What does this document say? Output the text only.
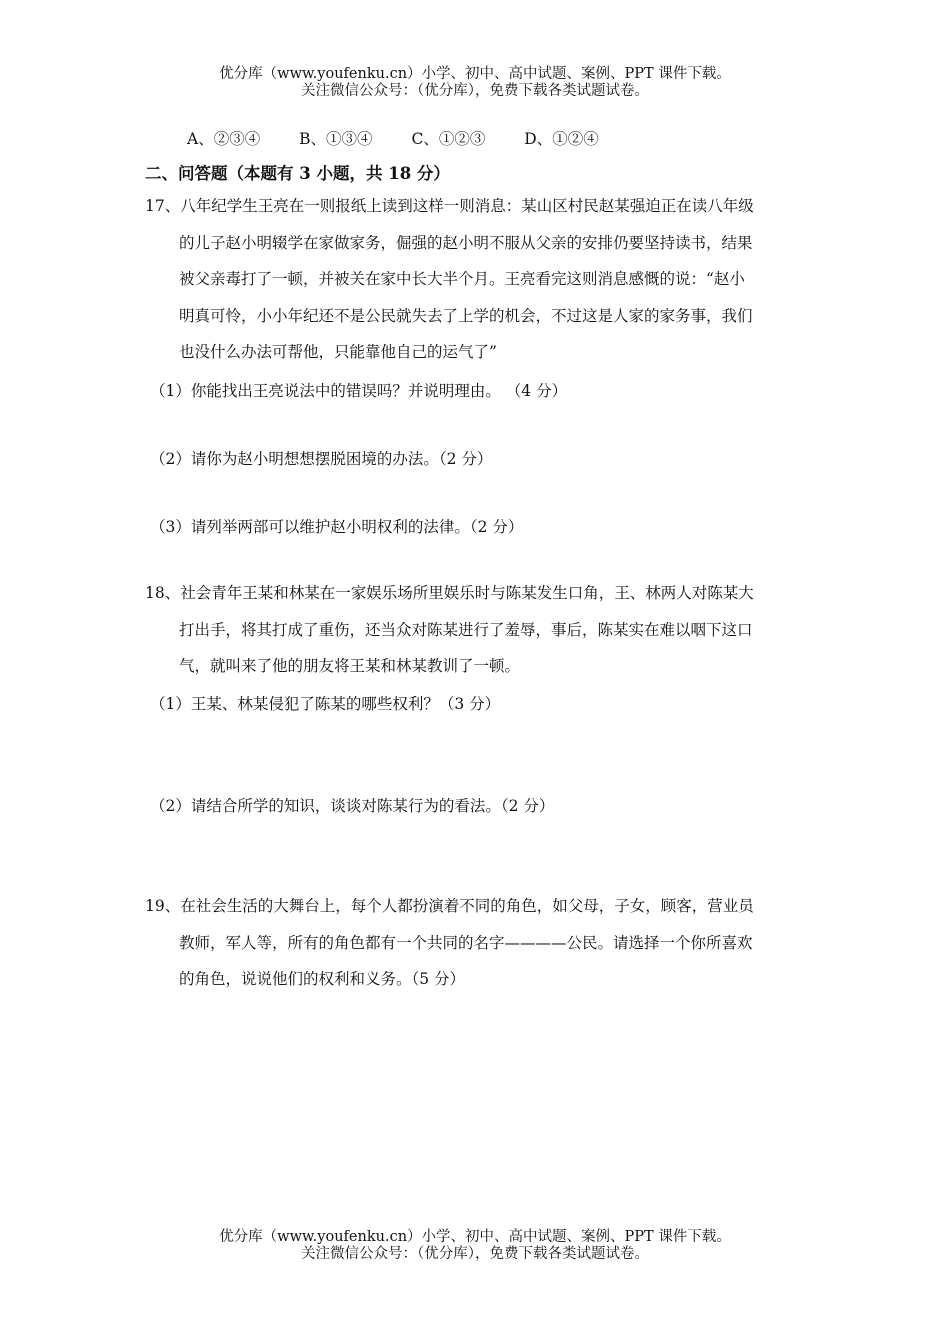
优分库（www.youfenku.cn）小学、初中、高中试题、案例、PPT 课件下载。
关注微信公众号：（优分库），免费下载各类试题试卷。
A、②③④	B、①③④	C、①②③	D、①②④
二、问答题（本题有 3 小题，共 18 分）
17、八年纪学生王亮在一则报纸上读到这样一则消息：某山区村民赵某强迫正在读八年级
的儿子赵小明辍学在家做家务，倔强的赵小明不服从父亲的安排仍要坚持读书，结果
被父亲毒打了一顿，并被关在家中长大半个月。王亮看完这则消息感慨的说：“赵小
明真可怜，小小年纪还不是公民就失去了上学的机会，不过这是人家的家务事，我们
也没什么办法可帮他，只能靠他自己的运气了”
（1）你能找出王亮说法中的错误吗？并说明理由。 （4 分）
（2）请你为赵小明想想摆脱困境的办法。（2 分）
（3）请列举两部可以维护赵小明权利的法律。（2 分）
18、社会青年王某和林某在一家娱乐场所里娱乐时与陈某发生口角，王、林两人对陈某大
打出手，将其打成了重伤，还当众对陈某进行了羞辱，事后，陈某实在难以咽下这口
气，就叫来了他的朋友将王某和林某教训了一顿。
（1）王某、林某侵犯了陈某的哪些权利？（3 分）
（2）请结合所学的知识，谈谈对陈某行为的看法。（2 分）
19、在社会生活的大舞台上，每个人都扮演着不同的角色，如父母，子女，顾客，营业员
教师，军人等，所有的角色都有一个共同的名字————公民。请选择一个你所喜欢
的角色，说说他们的权利和义务。（5 分）
优分库（www.youfenku.cn）小学、初中、高中试题、案例、PPT 课件下载。
关注微信公众号：（优分库），免费下载各类试题试卷。
